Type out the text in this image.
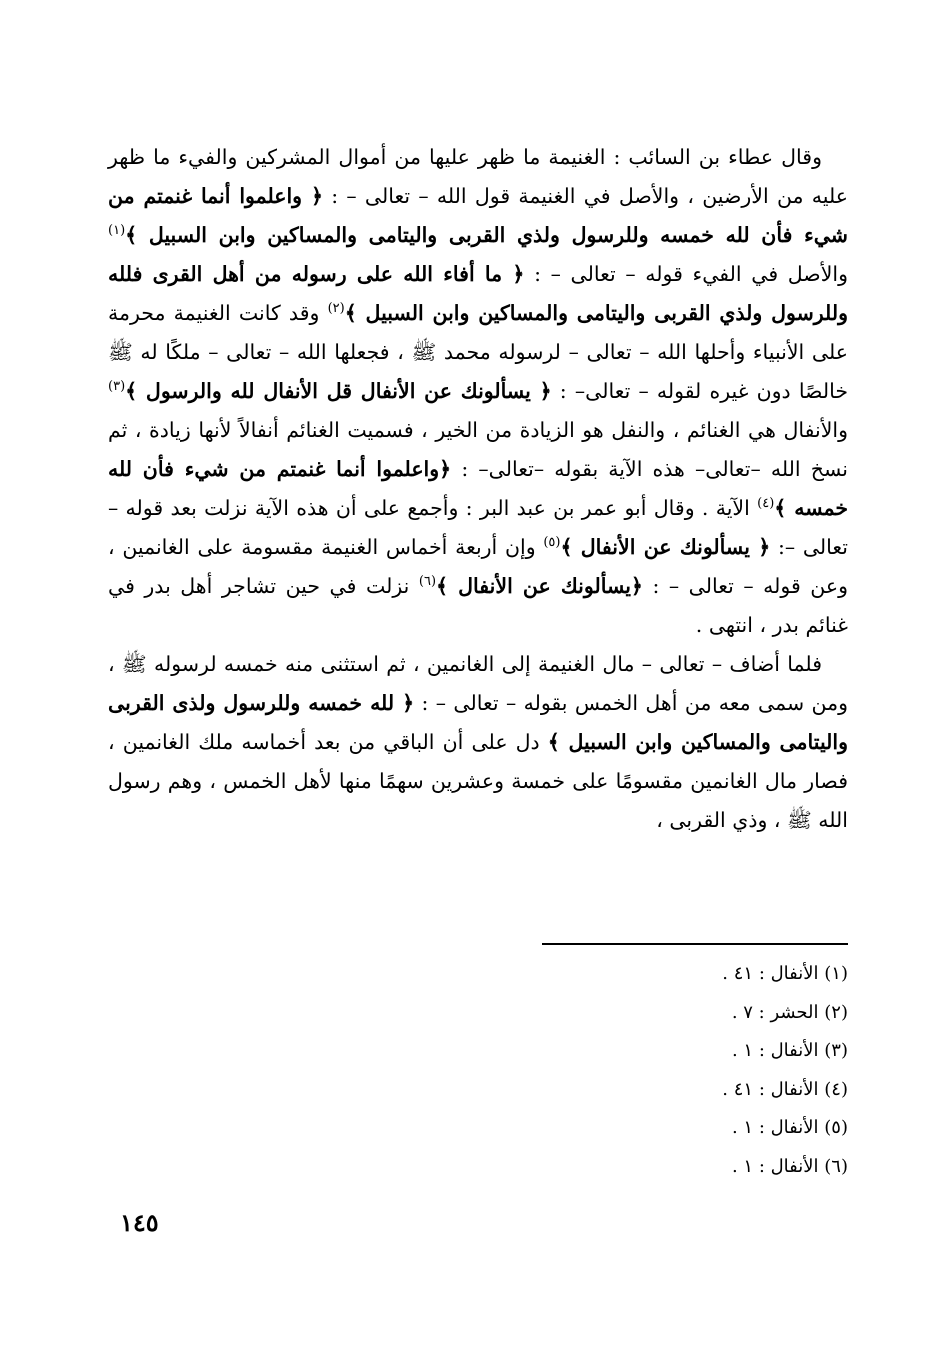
وقال عطاء بن السائب : الغنيمة ما ظهر عليها من أموال المشركين والفيء ما ظهر عليه من الأرضين ، والأصل في الغنيمة قول الله – تعالى – : ﴿ واعلموا أنما غنمتم من شيء فأن لله خمسه وللرسول ولذي القربى واليتامى والمساكين وابن السبيل ﴾$^{(١)}$ والأصل في الفيء قوله – تعالى – : ﴿ ما أفاء الله على رسوله من أهل القرى فلله وللرسول ولذي القربى واليتامى والمساكين وابن السبيل ﴾$^{(٢)}$ وقد كانت الغنيمة محرمة على الأنبياء وأحلها الله – تعالى – لرسوله محمد ﷺ ، فجعلها الله – تعالى – ملكًا له ﷺ خالصًا دون غيره لقوله – تعالى– : ﴿ يسألونك عن الأنفال قل الأنفال لله والرسول ﴾$^{(٣)}$ والأنفال هي الغنائم ، والنفل هو الزيادة من الخير ، فسميت الغنائم أنفالاً لأنها زيادة ، ثم نسخ الله –تعالى– هذه الآية بقوله –تعالى– : ﴿واعلموا أنما غنمتم من شيء فأن لله خمسه ﴾$^{(٤)}$ الآية . وقال أبو عمر بن عبد البر : وأجمع على أن هذه الآية نزلت بعد قوله – تعالى –: ﴿ يسألونك عن الأنفال ﴾$^{(٥)}$ وإن أربعة أخماس الغنيمة مقسومة على الغانمين ، وعن قوله – تعالى – : ﴿يسألونك عن الأنفال ﴾$^{(٦)}$ نزلت في حين تشاجر أهل بدر في غنائم بدر ، انتهى .

فلما أضاف – تعالى – مال الغنيمة إلى الغانمين ، ثم استثنى منه خمسه لرسوله ﷺ ، ومن سمى معه من أهل الخمس بقوله – تعالى – : ﴿ لله خمسه وللرسول ولذى القربى واليتامى والمساكين وابن السبيل ﴾ دل على أن الباقي من بعد أخماسه ملك الغانمين ، فصار مال الغانمين مقسومًا على خمسة وعشرين سهمًا منها لأهل الخمس ، وهم رسول الله ﷺ ، وذي القربى ،

(١) الأنفال : ٤١ .
(٢) الحشر : ٧ .
(٣) الأنفال : ١ .
(٤) الأنفال : ٤١ .
(٥) الأنفال : ١ .
(٦) الأنفال : ١ .
١٤٥
